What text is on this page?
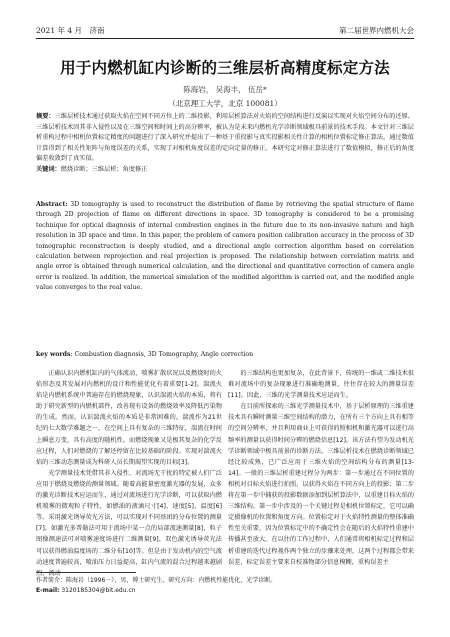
2021 年 4 月　济南	第二届世界内燃机大会
用于内燃机缸内诊断的三维层析高精度标定方法
陈海岩， 吴海丰， 伍岳*
（北京理工大学，北京 100081）
摘要：三维层析技术通过获取火焰在空间不同方位上的二维投影，利用层析算法对火焰的空间结构进行反演以实现对火焰空间分布的还原。三维层析技术因其非入侵性以及在三维空间和时间上的高分辨率，被认为是未来内燃机光学诊断领域极具前景的技术手段。本文针对三维层析重构过程中相机位置标定精度的问题进行了深入研究并提出了一种基于重投影与真实投影相关性计算的相机位置标定修正算法。通过数值计算得到了相关性矩阵与角度误差的关系，实现了对相机角度误差的定向定量的修正。本研究定对修正算法进行了数值模拟，修正后的角度偏差收敛到了真实值。
关键词：燃烧诊断；三维层析；角度修正
Abstract: 3D tomography is used to reconstruct the distribution of flame by retrieving the spatial structure of flame through 2D projection of flame on different directions in space. 3D tomography is considered to be a promising technique for optical diagnosis of internal combustion engines in the future due to its non-invasive nature and high resolution in 3D space and time. In this paper, the problem of camera position calibration accuracy in the process of 3D tomographic reconstruction is deeply studied, and a directional angle correction algorithm based on correlation calculation between reprojection and real projection is proposed. The relationship between correlation matrix and angle error is obtained through numerical calculation, and the directional and quantitative correction of camera angle error is realized. In addition, the numerical simulation of the modified algorithm is carried out, and the modified angle value converges to the real value.
key words: Combustion diagnosis, 3D Tomography, Angle correction

正确认识内燃机缸内的气体流动、喷雾扩散状况以及燃烧时的火焰形态及其发展对内燃机的设计和性能优化有着重要[1-2]。湍流火焰是内燃机系统中普遍存在的燃烧现象，认识湍流火焰的本质，将有助于研究新型的内燃机部件，改善现有设备的燃烧效率及降低污染物的生成。然而，认识湍流火焰的本质是非常困难的，湍流作为21世纪的七大数学难题之一，在空间上具有复杂的三维特征，湍流在时间上瞬息万变，具有高度的随机性。而燃烧现象又是极其复杂的化学反应过程，人们对燃烧的了解还停留在比较基础的阶段。实现对湍流火焰的三维动态测量成为科研人员长期渴望实现的目标[3]。

光学测量技术凭借其非入侵性、对流场无干扰的特定被人们广泛应用于燃烧及燃烧的测量领域。随着高能量密度激光器的发展，众多的激光诊断技术应运而生，通过对流场进行光学诊断，可以获取内燃机喷雾的微观粒子特性，如燃油的液滴尺寸[4]、速度[5]、温度[6]等。采用激光诱导荧光方法，可以实现对不同基团的分布位置的测量[7]。如激光多普勒法可用于流场中某一点的局部流速测量[8]，粒子图像测速法可对喷雾速度场进行二维测量[9]，双色激光诱导荧光法可以获得燃油温度场的二维分布[10]等。但是由于发动机内的空气流动速度普遍较高，喷油压力日益提高，缸内气流的混合过程越来越剧烈，流动

的三维结构也更加复杂，在此背景下，传统的一维或二维技术很难对流场中的复杂现象进行准确地测量，往往存在较大的测量误差[11]。因此，三维的光学测量技术应运而生。

在目前所探索的三维光学测量技术中，基于层析原理的三维重建技术具有瞬时测量三维空间结构的潜力，在所有三个方向上具有相等的空间分辨率，并且利用商业上可获得的照相机和激光器可以进行高频率的测量以获得时间分辨的燃烧信息[12]。该方法有望为发动机光学诊断领域中极具前景的诊断方法。三维层析技术在燃烧诊断领域已经比较成熟，已广泛应用于三维火焰的空间结构分布的测量[13-14]。一般的三维层析重建过程分为两步：第一步通过在不同位置的相机对目标火焰进行拍照，以获得火焰在不同方向上的投影；第二步将在第一步中捕获的投影数据添加到层析算法中，以重建目标火焰的三维结构。第一步中涉及的一个关键过程是相机位置标定，它可以确定摄像机的位置和角度方向。位置标定对于火焰特性测量的整体准确性至关重要，因为位置标定中的不确定性会在随后的火焰特性重建中传播甚至放大。在以往的工作过程中，人们通常将相机标定过程和层析重建的迭代过程视作两个独立的步骤来处理，这两个过程都会带来误差，标定误差主要来自校准物部分信息模糊，重构误差主

作者简介：陈海岩（1996－），男，博士研究生，研究方向：内燃机性能优化，光学诊断。
E-mail: 3120185304@bit.edu.cn
